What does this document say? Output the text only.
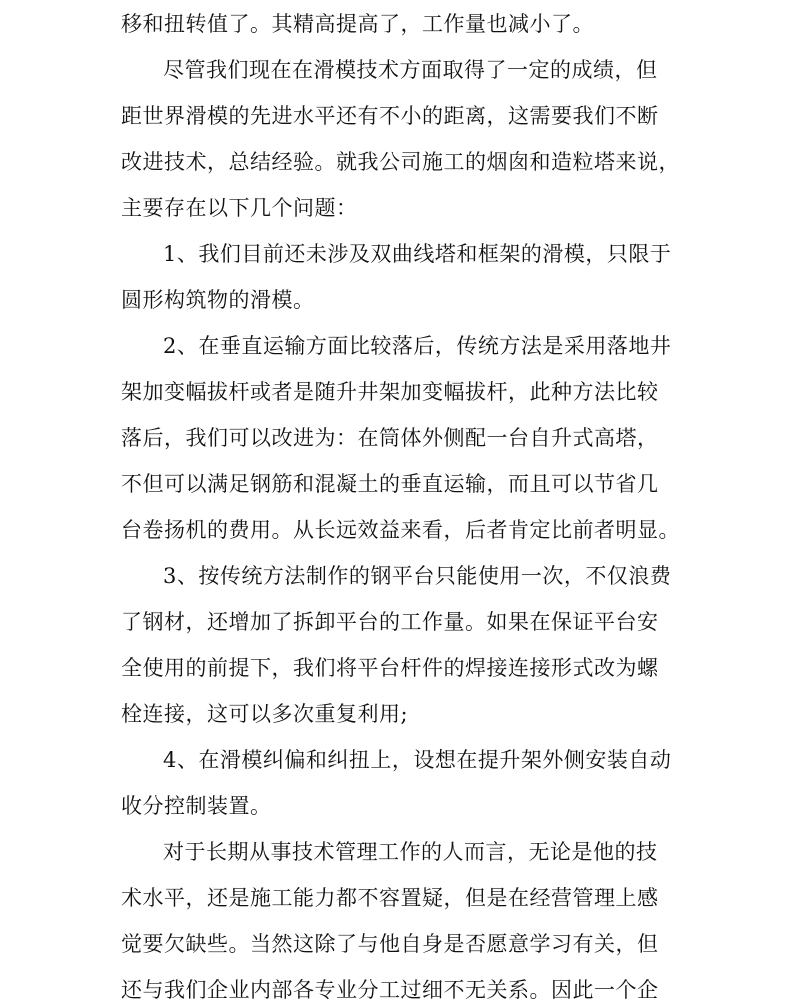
移和扭转值了。其精高提高了，工作量也减小了。
尽管我们现在在滑模技术方面取得了一定的成绩，但
距世界滑模的先进水平还有不小的距离，这需要我们不断
改进技术，总结经验。就我公司施工的烟囱和造粒塔来说，
主要存在以下几个问题：
1、我们目前还未涉及双曲线塔和框架的滑模，只限于
圆形构筑物的滑模。
2、在垂直运输方面比较落后，传统方法是采用落地井
架加变幅拔杆或者是随升井架加变幅拔杆，此种方法比较
落后，我们可以改进为：在筒体外侧配一台自升式高塔，
不但可以满足钢筋和混凝土的垂直运输，而且可以节省几
台卷扬机的费用。从长远效益来看，后者肯定比前者明显。
3、按传统方法制作的钢平台只能使用一次，不仅浪费
了钢材，还增加了拆卸平台的工作量。如果在保证平台安
全使用的前提下，我们将平台杆件的焊接连接形式改为螺
栓连接，这可以多次重复利用;
4、在滑模纠偏和纠扭上，设想在提升架外侧安装自动
收分控制装置。
对于长期从事技术管理工作的人而言，无论是他的技
术水平，还是施工能力都不容置疑，但是在经营管理上感
觉要欠缺些。当然这除了与他自身是否愿意学习有关，但
还与我们企业内部各专业分工过细不无关系。因此一个企
